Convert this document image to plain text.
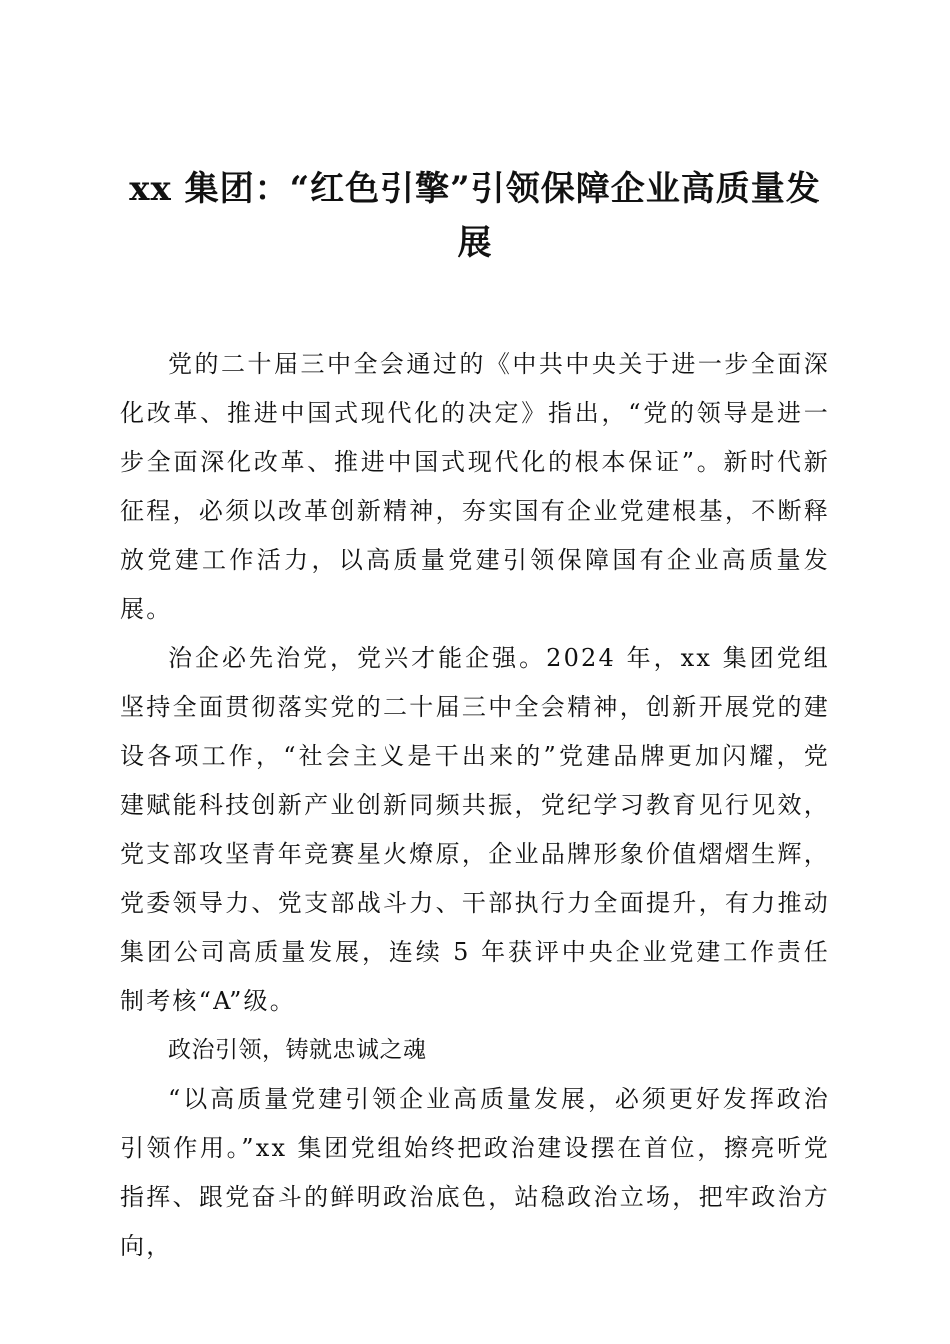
xx 集团：“红色引擎”引领保障企业高质量发展

党的二十届三中全会通过的《中共中央关于进一步全面深化改革、推进中国式现代化的决定》指出，“党的领导是进一步全面深化改革、推进中国式现代化的根本保证”。新时代新征程，必须以改革创新精神，夯实国有企业党建根基，不断释放党建工作活力，以高质量党建引领保障国有企业高质量发展。

治企必先治党，党兴才能企强。2024 年，xx 集团党组坚持全面贯彻落实党的二十届三中全会精神，创新开展党的建设各项工作，“社会主义是干出来的”党建品牌更加闪耀，党建赋能科技创新产业创新同频共振，党纪学习教育见行见效，党支部攻坚青年竞赛星火燎原，企业品牌形象价值熠熠生辉，党委领导力、党支部战斗力、干部执行力全面提升，有力推动集团公司高质量发展，连续 5 年获评中央企业党建工作责任制考核“A”级。

政治引领，铸就忠诚之魂

“以高质量党建引领企业高质量发展，必须更好发挥政治引领作用。”xx 集团党组始终把政治建设摆在首位，擦亮听党指挥、跟党奋斗的鲜明政治底色，站稳政治立场，把牢政治方向，
